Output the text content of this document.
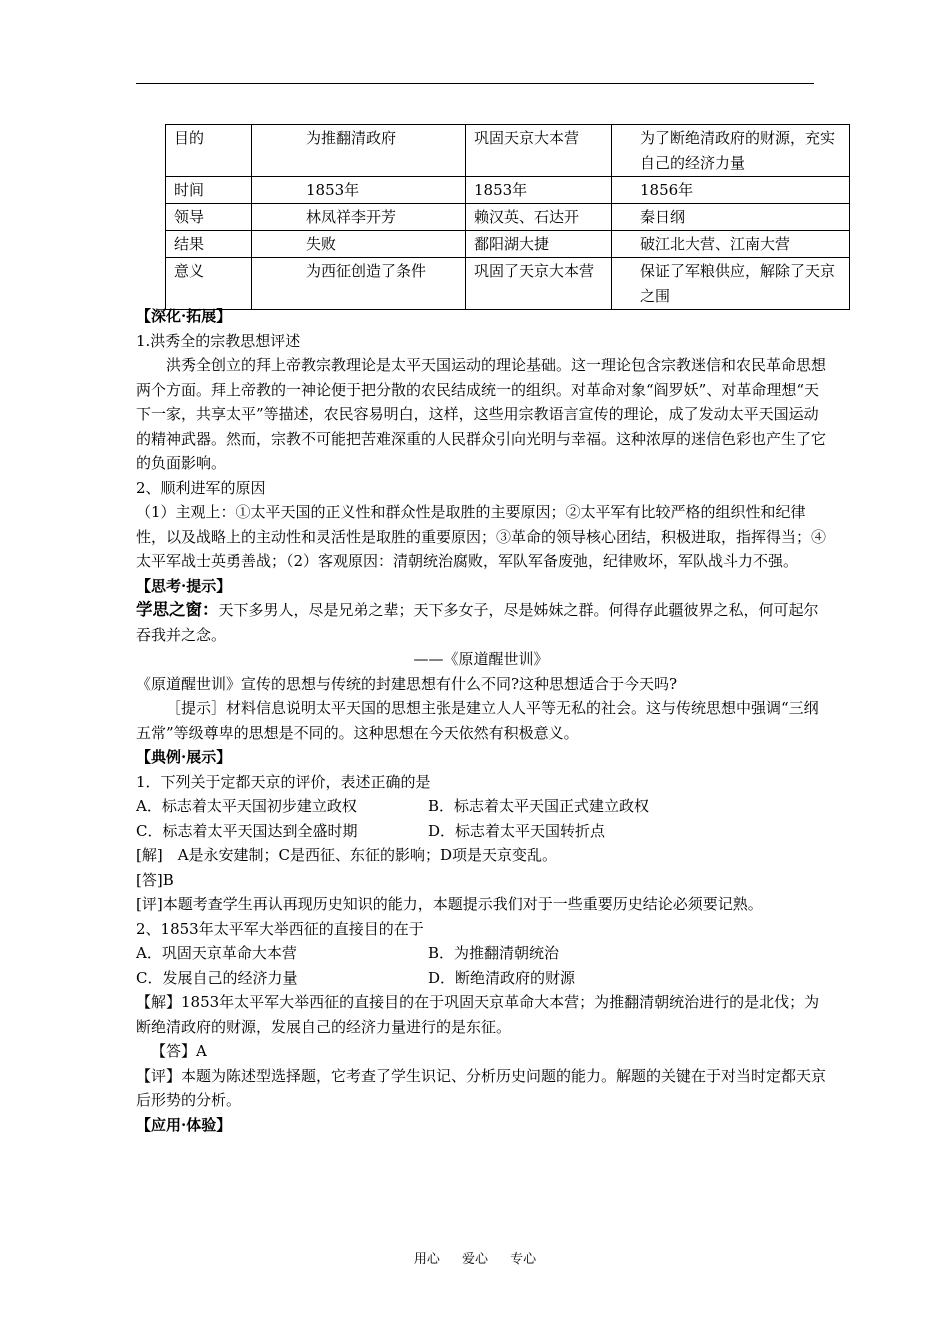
目的	为推翻清政府	巩固天京大本营	为了断绝清政府的财源，充实自己的经济力量
时间	1853年	1853年	1856年
领导	林凤祥李开芳	赖汉英、石达开	秦日纲
结果	失败	鄱阳湖大捷	破江北大营、江南大营
意义	为西征创造了条件	巩固了天京大本营	保证了军粮供应，解除了天京之围

【深化·拓展】

1.洪秀全的宗教思想评述

洪秀全创立的拜上帝教宗教理论是太平天国运动的理论基础。这一理论包含宗教迷信和农民革命思想两个方面。拜上帝教的一神论便于把分散的农民结成统一的组织。对革命对象“阎罗妖”、对革命理想“天下一家，共享太平”等描述，农民容易明白，这样，这些用宗教语言宣传的理论，成了发动太平天国运动的精神武器。然而，宗教不可能把苦难深重的人民群众引向光明与幸福。这种浓厚的迷信色彩也产生了它的负面影响。

2、顺利进军的原因

（1）主观上：①太平天国的正义性和群众性是取胜的主要原因；②太平军有比较严格的组织性和纪律性，以及战略上的主动性和灵活性是取胜的重要原因；③革命的领导核心团结，积极进取，指挥得当；④太平军战士英勇善战；（2）客观原因：清朝统治腐败，军队军备废弛，纪律败坏，军队战斗力不强。

【思考·提示】

学思之窗：天下多男人，尽是兄弟之辈；天下多女子，尽是姊妹之群。何得存此疆彼界之私，何可起尔吞我并之念。

——《原道醒世训》

《原道醒世训》宣传的思想与传统的封建思想有什么不同?这种思想适合于今天吗?

［提示］材料信息说明太平天国的思想主张是建立人人平等无私的社会。这与传统思想中强调“三纲五常”等级尊卑的思想是不同的。这种思想在今天依然有积极意义。

【典例·展示】

1．下列关于定都天京的评价，表述正确的是

A．标志着太平天国初步建立政权	B．标志着太平天国正式建立政权

C．标志着太平天国达到全盛时期	D．标志着太平天国转折点

[解]　A是永安建制；C是西征、东征的影响；D项是天京变乱。

[答]B

[评]本题考查学生再认再现历史知识的能力，本题提示我们对于一些重要历史结论必须要记熟。

2、1853年太平军大举西征的直接目的在于

A．巩固天京革命大本营	B．为推翻清朝统治

C．发展自己的经济力量	D．断绝清政府的财源

【解】1853年太平军大举西征的直接目的在于巩固天京革命大本营；为推翻清朝统治进行的是北伐；为断绝清政府的财源，发展自己的经济力量进行的是东征。

【答】A

【评】本题为陈述型选择题，它考查了学生识记、分析历史问题的能力。解题的关键在于对当时定都天京后形势的分析。

【应用·体验】

用心 爱心 专心
